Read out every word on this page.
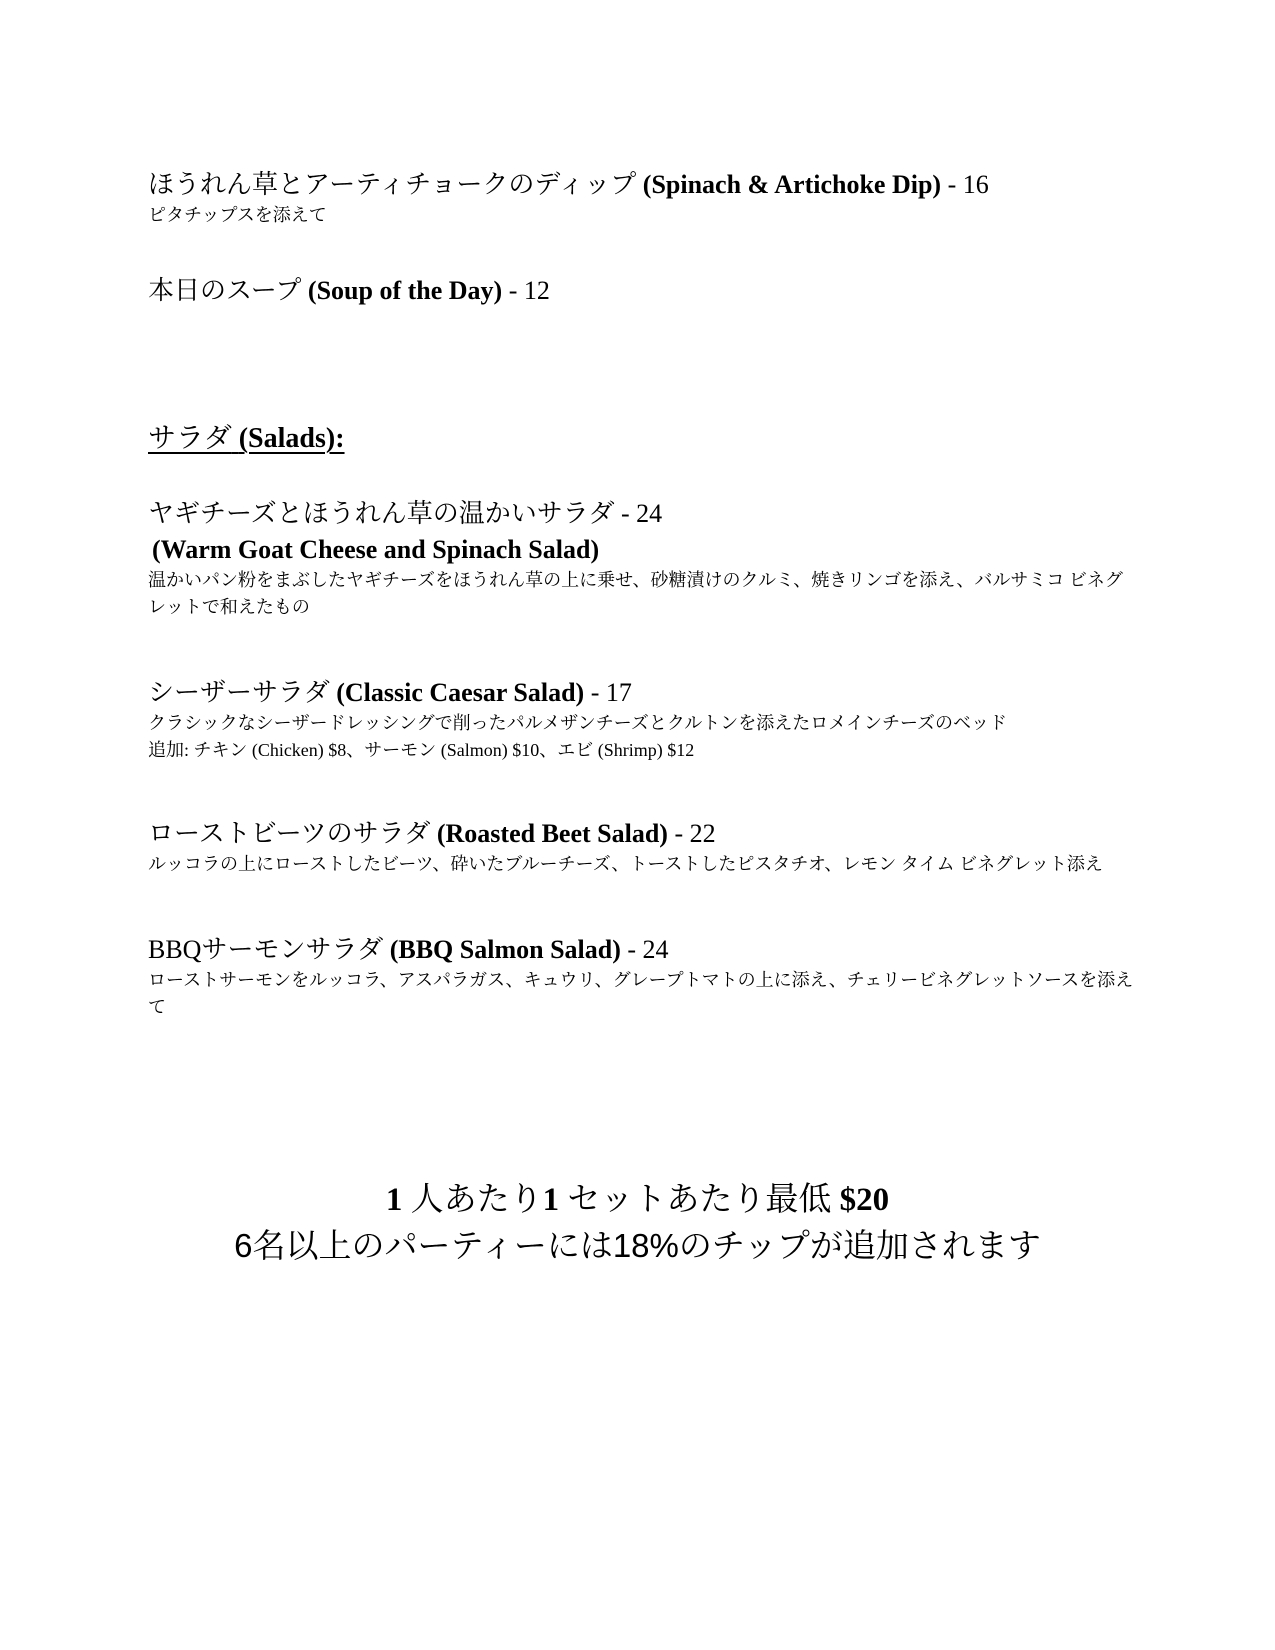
ほうれん草とアーティチョークのディップ (Spinach & Artichoke Dip) - 16
ピタチップスを添えて
本日のスープ (Soup of the Day) - 12
サラダ (Salads):
ヤギチーズとほうれん草の温かいサラダ - 24
(Warm Goat Cheese and Spinach Salad)
温かいパン粉をまぶしたヤギチーズをほうれん草の上に乗せ、砂糖漬けのクルミ、焼きリンゴを添え、バルサミコ ビネグレットで和えたもの
シーザーサラダ (Classic Caesar Salad) - 17
クラシックなシーザードレッシングで削ったパルメザンチーズとクルトンを添えたロメインチーズのベッド
追加: チキン (Chicken) $8、サーモン (Salmon) $10、エビ (Shrimp) $12
ローストビーツのサラダ (Roasted Beet Salad) - 22
ルッコラの上にローストしたビーツ、砕いたブルーチーズ、トーストしたピスタチオ、レモン タイム ビネグレット添え
BBQサーモンサラダ (BBQ Salmon Salad) - 24
ローストサーモンをルッコラ、アスパラガス、キュウリ、グレープトマトの上に添え、チェリービネグレットソースを添えて
1 人あたり1 セットあたり最低 $20
6名以上のパーティーには18%のチップが追加されます
